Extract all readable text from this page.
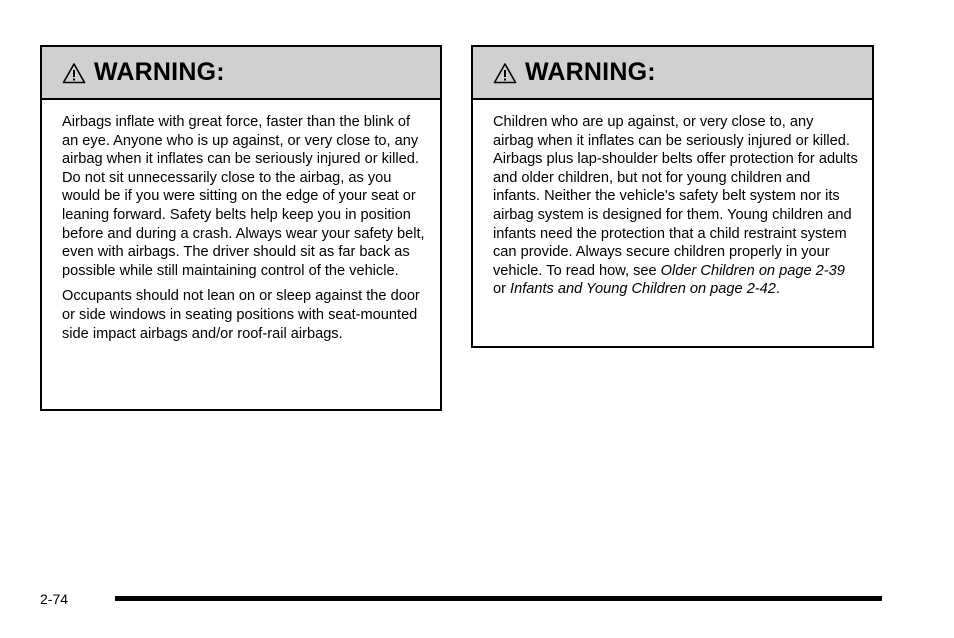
WARNING:

Airbags inflate with great force, faster than the blink of an eye. Anyone who is up against, or very close to, any airbag when it inflates can be seriously injured or killed. Do not sit unnecessarily close to the airbag, as you would be if you were sitting on the edge of your seat or leaning forward. Safety belts help keep you in position before and during a crash. Always wear your safety belt, even with airbags. The driver should sit as far back as possible while still maintaining control of the vehicle.

Occupants should not lean on or sleep against the door or side windows in seating positions with seat-mounted side impact airbags and/or roof-rail airbags.

WARNING:

Children who are up against, or very close to, any airbag when it inflates can be seriously injured or killed. Airbags plus lap-shoulder belts offer protection for adults and older children, but not for young children and infants. Neither the vehicle's safety belt system nor its airbag system is designed for them. Young children and infants need the protection that a child restraint system can provide. Always secure children properly in your vehicle. To read how, see Older Children on page 2-39 or Infants and Young Children on page 2-42.

2-74
